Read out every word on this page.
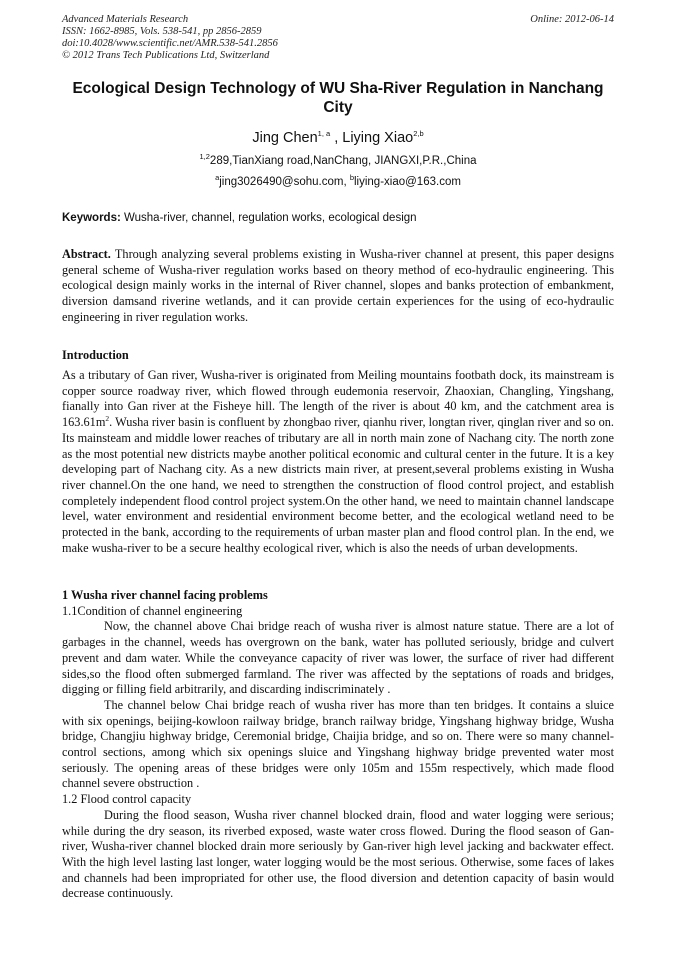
Advanced Materials Research
ISSN: 1662-8985, Vols. 538-541, pp 2856-2859
doi:10.4028/www.scientific.net/AMR.538-541.2856
© 2012 Trans Tech Publications Ltd, Switzerland
Online: 2012-06-14
Ecological Design Technology of WU Sha-River Regulation in Nanchang City
Jing Chen$^{1, a}$ , Liying Xiao$^{2,b}$
$^{1,2}$289,TianXiang road,NanChang, JIANGXI,P.R.,China
$^a$jing3026490@sohu.com, $^b$liying-xiao@163.com
Keywords: Wusha-river, channel, regulation works, ecological design
Abstract. Through analyzing several problems existing in Wusha-river channel at present, this paper designs general scheme of Wusha-river regulation works based on theory method of eco-hydraulic engineering. This ecological design mainly works in the internal of River channel, slopes and banks protection of embankment, diversion damsand riverine wetlands, and it can provide certain experiences for the using of eco-hydraulic engineering in river regulation works.
Introduction
As a tributary of Gan river, Wusha-river is originated from Meiling mountains footbath dock, its mainstream is copper source roadway river, which flowed through eudemonia reservoir, Zhaoxian, Changling, Yingshang, fianally into Gan river at the Fisheye hill. The length of the river is about 40 km, and the catchment area is $163.61m^2$. Wusha river basin is confluent by zhongbao river, qianhu river, longtan river, qinglan river and so on. Its mainsteam and middle lower reaches of tributary are all in north main zone of Nachang city. The north zone as the most potential new districts maybe another political economic and cultural center in the future. It is a key developing part of Nachang city. As a new districts main river, at present,several problems existing in Wusha river channel.On the one hand, we need to strengthen the construction of flood control project, and establish completely independent flood control project system.On the other hand, we need to maintain channel landscape level, water environment and residential environment become better, and the ecological wetland need to be protected in the bank, according to the requirements of urban master plan and flood control plan. In the end, we make wusha-river to be a secure healthy ecological river, which is also the needs of urban developments.

1 Wusha river channel facing problems

1.1Condition of channel engineering

Now, the channel above Chai bridge reach of wusha river is almost nature statue. There are a lot of garbages in the channel, weeds has overgrown on the bank, water has polluted seriously, bridge and culvert prevent and dam water. While the conveyance capacity of river was lower, the surface of river had different sides,so the flood often submerged farmland. The river was affected by the septations of roads and bridges, digging or filling field arbitrarily, and discarding indiscriminately .

The channel below Chai bridge reach of wusha river has more than ten bridges. It contains a sluice with six openings, beijing-kowloon railway bridge, branch railway bridge, Yingshang highway bridge, Wusha bridge, Changjiu highway bridge, Ceremonial bridge, Chaijia bridge, and so on. There were so many channel-control sections, among which six openings sluice and Yingshang highway bridge prevented water most seriously. The opening areas of these bridges were only 105m and 155m respectively, which made flood channel severe obstruction .

1.2 Flood control capacity

During the flood season, Wusha river channel blocked drain, flood and water logging were serious; while during the dry season, its riverbed exposed, waste water cross flowed. During the flood season of Gan-river, Wusha-river channel blocked drain more seriously by Gan-river high level jacking and backwater effect. With the high level lasting last longer, water logging would be the most serious. Otherwise, some faces of lakes and channels had been impropriated for other use, the flood diversion and detention capacity of basin would decrease continuously.
